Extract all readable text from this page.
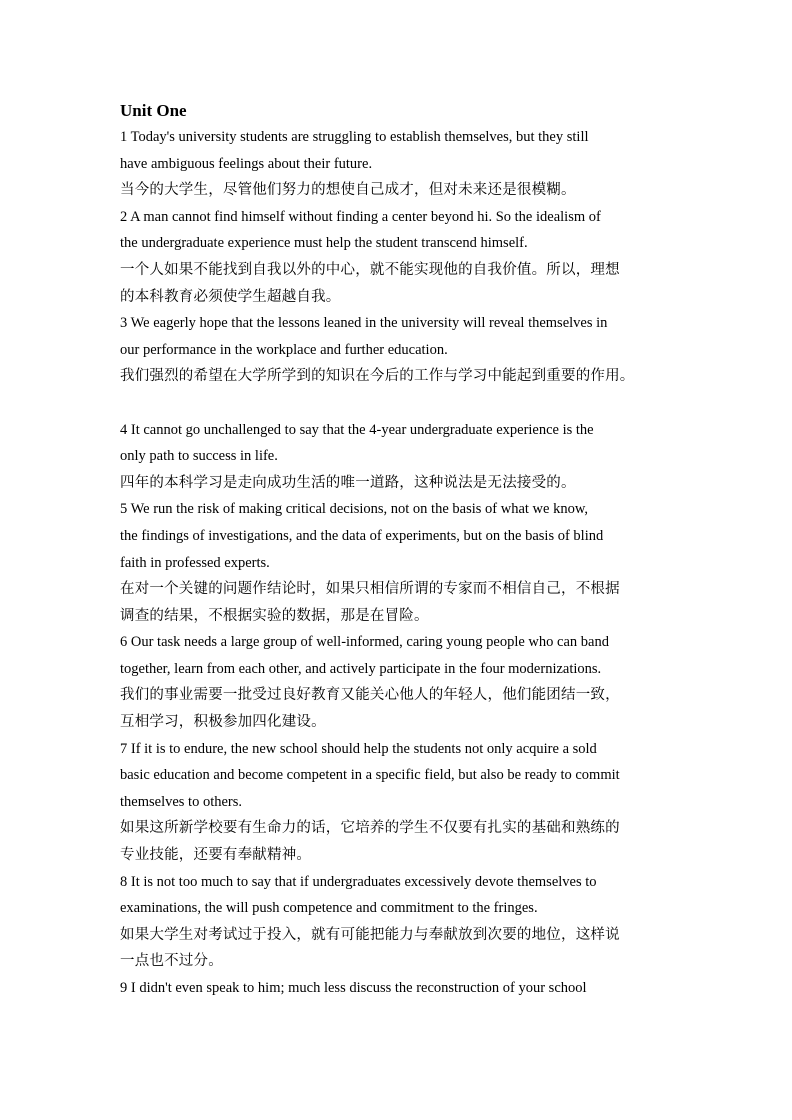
Unit One
1 Today's university students are struggling to establish themselves, but they still
have ambiguous feelings about their future.
当今的大学生，尽管他们努力的想使自己成才，但对未来还是很模糊。
2 A man cannot find himself without finding a center beyond hi. So the idealism of
the undergraduate experience must help the student transcend himself.
一个人如果不能找到自我以外的中心，就不能实现他的自我价值。所以，理想
的本科教育必须使学生超越自我。
3 We eagerly hope that the lessons leaned in the university will reveal themselves in
our performance in the workplace and further education.
我们强烈的希望在大学所学到的知识在今后的工作与学习中能起到重要的作用。
4 It cannot go unchallenged to say that the 4-year undergraduate experience is the
only path to success in life.
四年的本科学习是走向成功生活的唯一道路，这种说法是无法接受的。
5 We run the risk of making critical decisions, not on the basis of what we know,
the findings of investigations, and the data of experiments, but on the basis of blind
faith in professed experts.
在对一个关键的问题作结论时，如果只相信所谓的专家而不相信自己，不根据
调查的结果，不根据实验的数据，那是在冒险。
6 Our task needs a large group of well-informed, caring young people who can band
together, learn from each other, and actively participate in the four modernizations.
我们的事业需要一批受过良好教育又能关心他人的年轻人，他们能团结一致，
互相学习，积极参加四化建设。
7 If it is to endure, the new school should help the students not only acquire a sold
basic education and become competent in a specific field, but also be ready to commit
themselves to others.
如果这所新学校要有生命力的话，它培养的学生不仅要有扎实的基础和熟练的
专业技能，还要有奉献精神。
8 It is not too much to say that if undergraduates excessively devote themselves to
examinations, the will push competence and commitment to the fringes.
如果大学生对考试过于投入，就有可能把能力与奉献放到次要的地位，这样说
一点也不过分。
9 I didn't even speak to him; much less discuss the reconstruction of your school
